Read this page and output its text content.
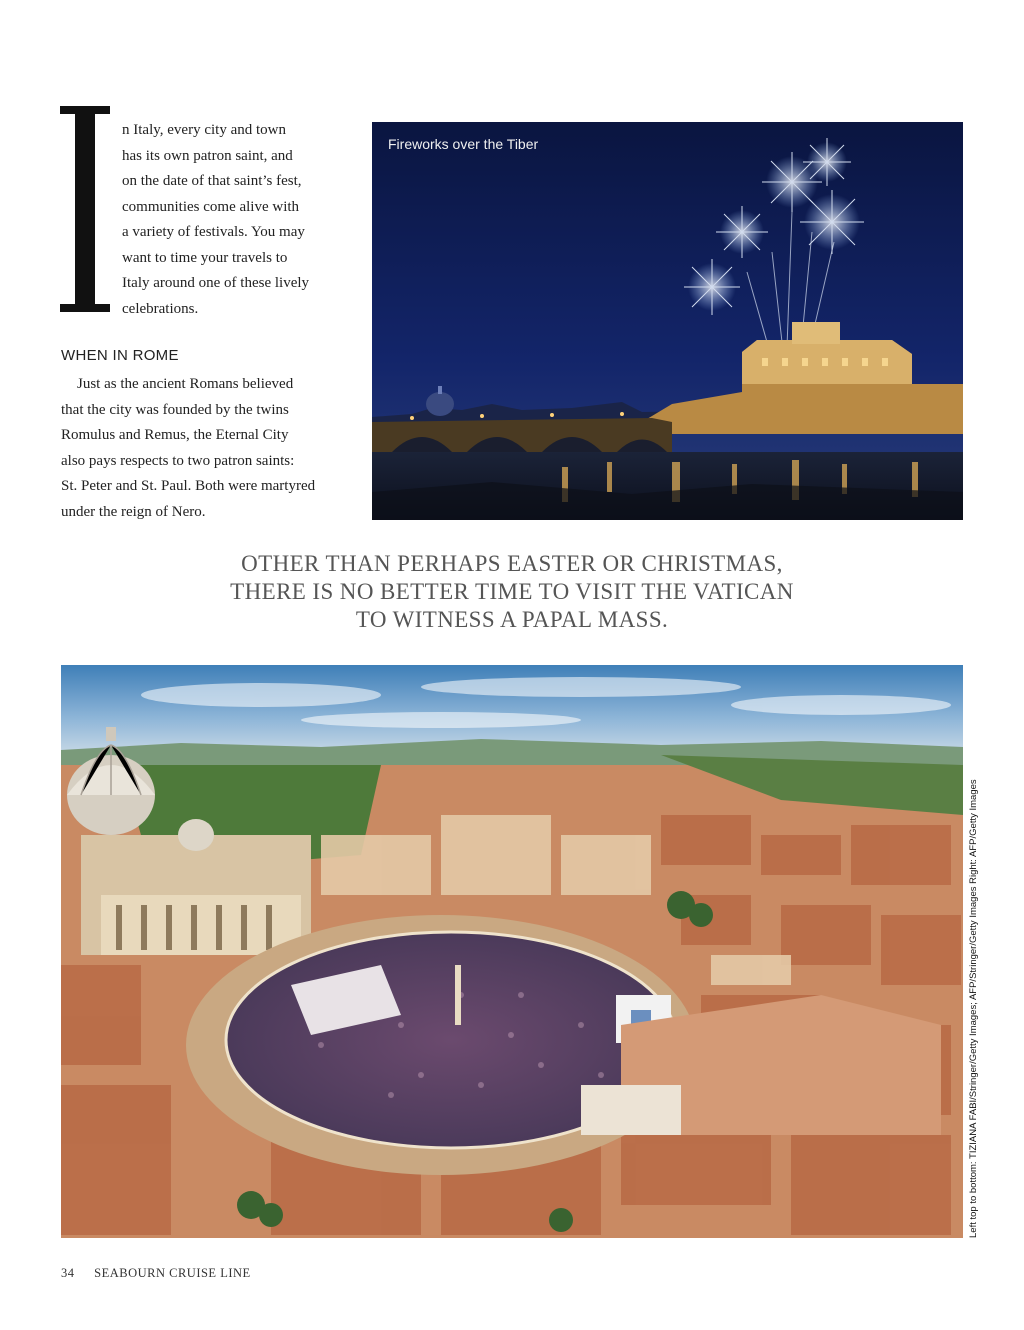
n Italy, every city and town
has its own patron saint, and
on the date of that saint’s fest,
communities come alive with
a variety of festivals. You may
want to time your travels to
Italy around one of these lively
celebrations.
WHEN IN ROME
Just as the ancient Romans believed
that the city was founded by the twins
Romulus and Remus, the Eternal City
also pays respects to two patron saints:
St. Peter and St. Paul. Both were martyred
under the reign of Nero.
Fireworks over the Tiber
OTHER THAN PERHAPS EASTER OR CHRISTMAS,
THERE IS NO BETTER TIME TO VISIT THE VATICAN
TO WITNESS A PAPAL MASS.
Left top to bottom: TIZIANA FABI/Stringer/Getty Images; AFP/Stringer/Getty Images Right: AFP/Getty Images
34 SEABOURN CRUISE LINE
